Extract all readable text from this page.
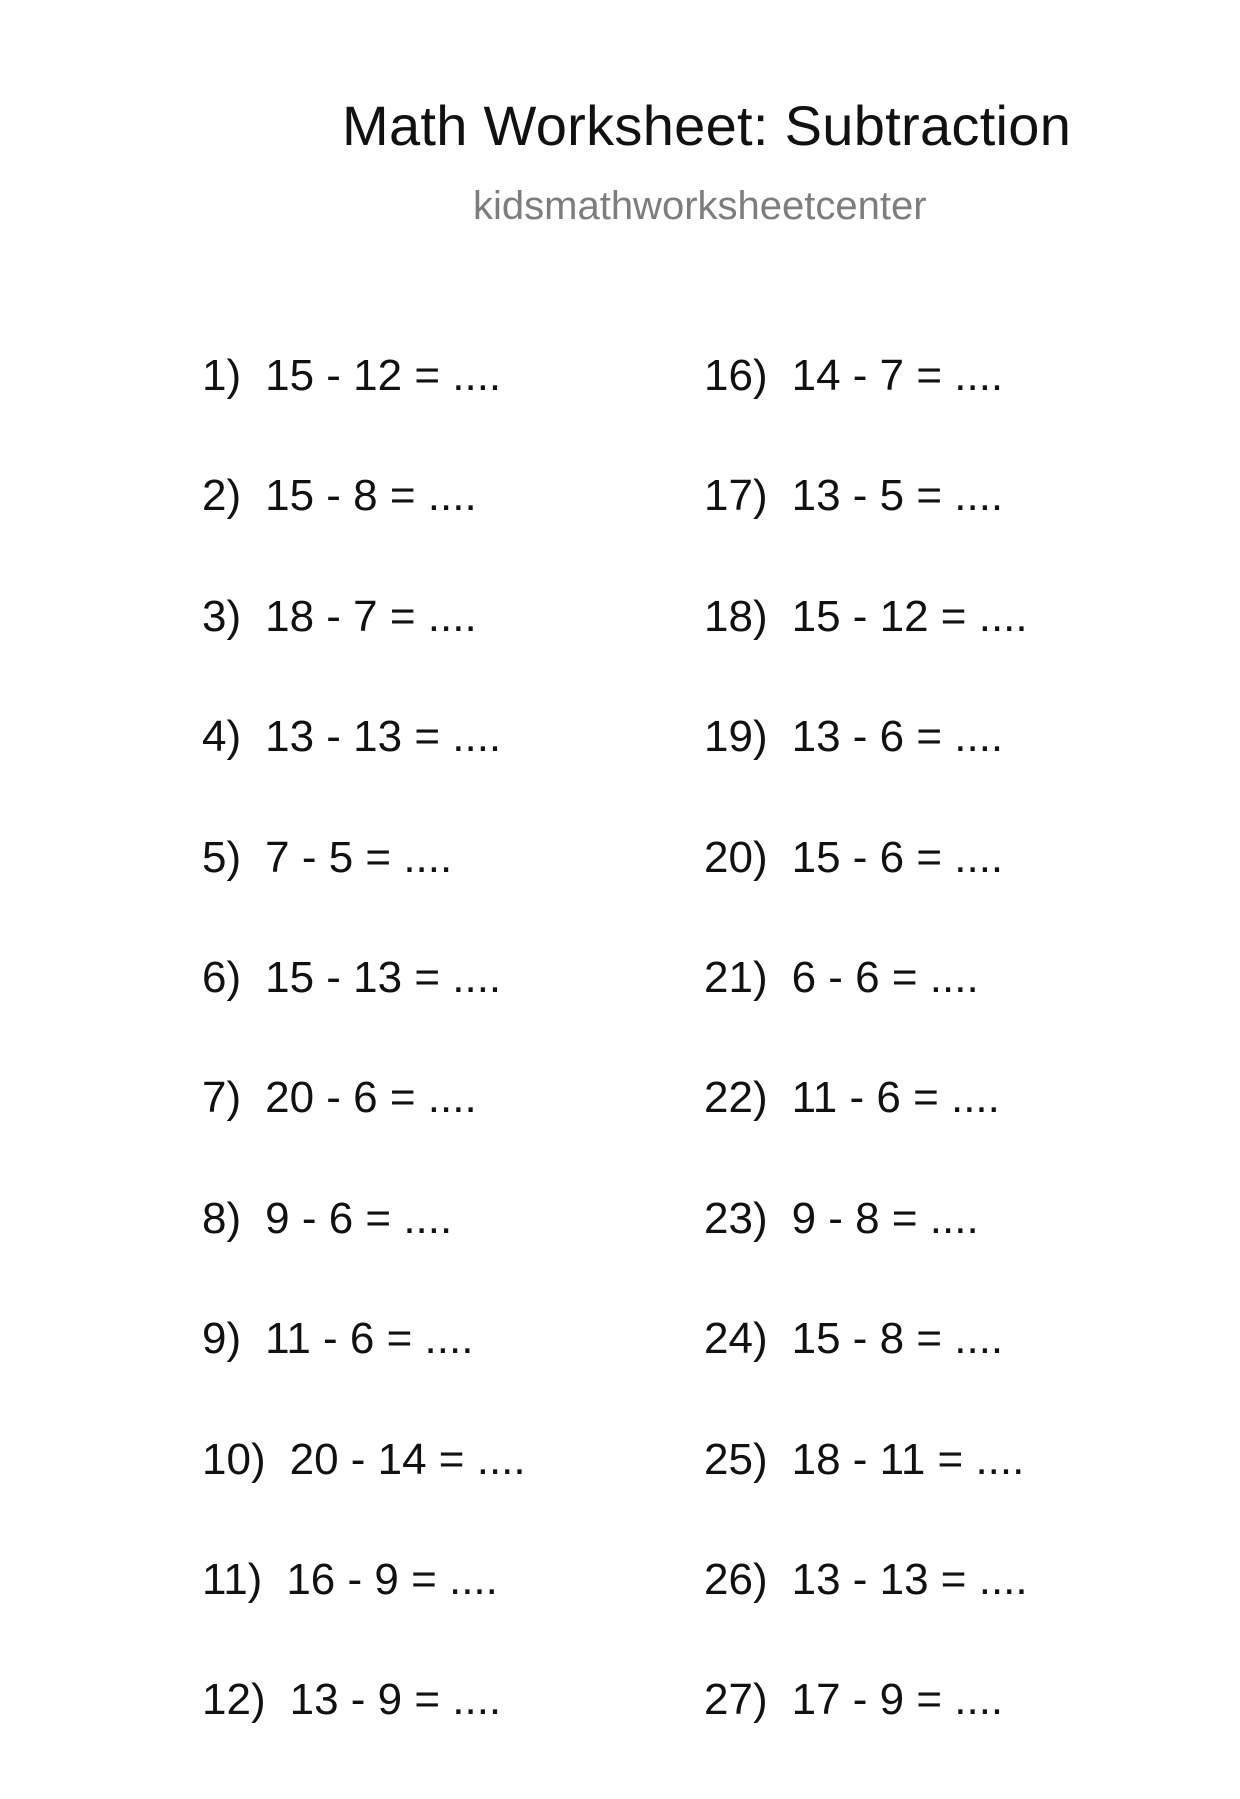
Math Worksheet: Subtraction
kidsmathworksheetcenter
1) 15 - 12 = ....
2) 15 - 8 = ....
3) 18 - 7 = ....
4) 13 - 13 = ....
5) 7 - 5 = ....
6) 15 - 13 = ....
7) 20 - 6 = ....
8) 9 - 6 = ....
9) 11 - 6 = ....
10) 20 - 14 = ....
11) 16 - 9 = ....
12) 13 - 9 = ....
16) 14 - 7 = ....
17) 13 - 5 = ....
18) 15 - 12 = ....
19) 13 - 6 = ....
20) 15 - 6 = ....
21) 6 - 6 = ....
22) 11 - 6 = ....
23) 9 - 8 = ....
24) 15 - 8 = ....
25) 18 - 11 = ....
26) 13 - 13 = ....
27) 17 - 9 = ....
